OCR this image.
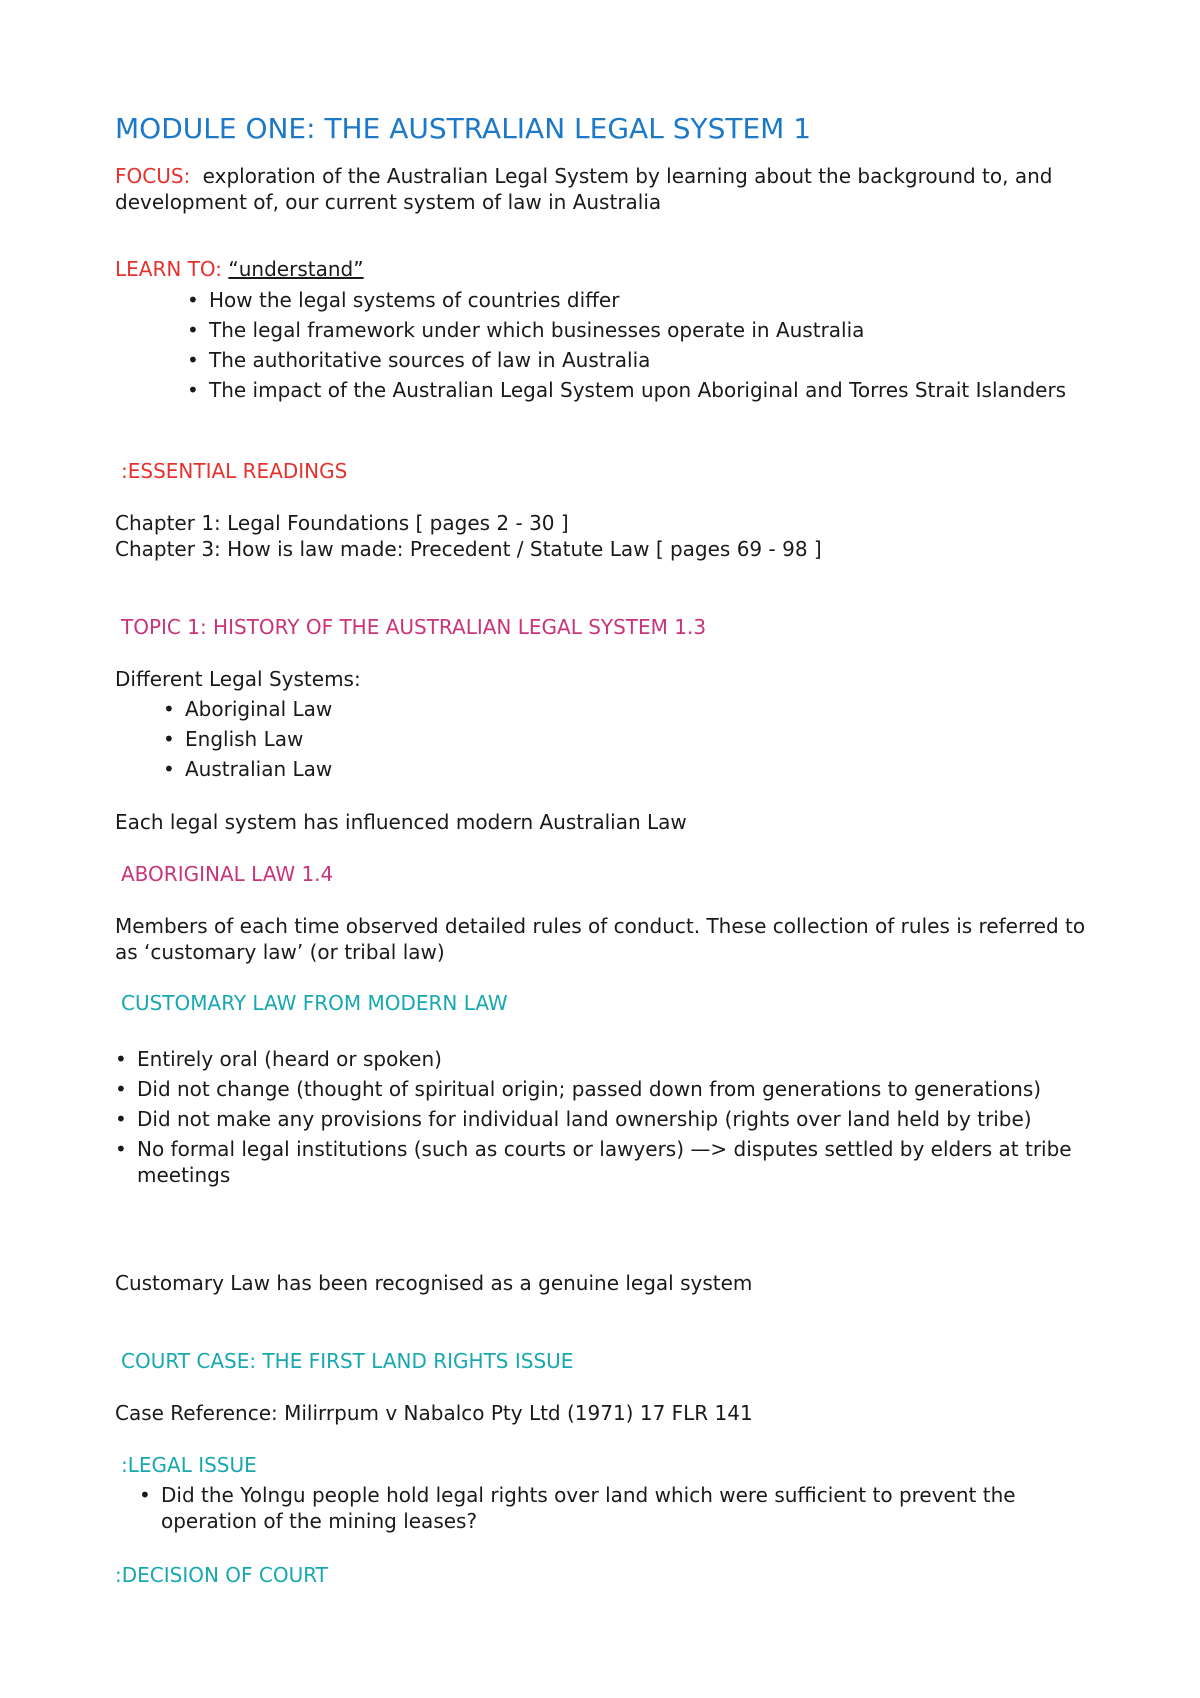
MODULE ONE: THE AUSTRALIAN LEGAL SYSTEM 1
FOCUS: exploration of the Australian Legal System by learning about the background to, and development of, our current system of law in Australia
LEARN TO: “understand”
• How the legal systems of countries differ
• The legal framework under which businesses operate in Australia
• The authoritative sources of law in Australia
• The impact of the Australian Legal System upon Aboriginal and Torres Strait Islanders
:ESSENTIAL READINGS
Chapter 1: Legal Foundations [ pages 2 - 30 ]
Chapter 3: How is law made: Precedent / Statute Law [ pages 69 - 98 ]
TOPIC 1: HISTORY OF THE AUSTRALIAN LEGAL SYSTEM 1.3
Different Legal Systems:
• Aboriginal Law
• English Law
• Australian Law
Each legal system has influenced modern Australian Law
ABORIGINAL LAW 1.4
Members of each time observed detailed rules of conduct. These collection of rules is referred to as ‘customary law’ (or tribal law)
CUSTOMARY LAW FROM MODERN LAW
• Entirely oral (heard or spoken)
• Did not change (thought of spiritual origin; passed down from generations to generations)
• Did not make any provisions for individual land ownership (rights over land held by tribe)
• No formal legal institutions (such as courts or lawyers) —> disputes settled by elders at tribe meetings
Customary Law has been recognised as a genuine legal system
COURT CASE: THE FIRST LAND RIGHTS ISSUE
Case Reference: Milirrpum v Nabalco Pty Ltd (1971) 17 FLR 141
:LEGAL ISSUE
• Did the Yolngu people hold legal rights over land which were sufficient to prevent the operation of the mining leases?
:DECISION OF COURT
